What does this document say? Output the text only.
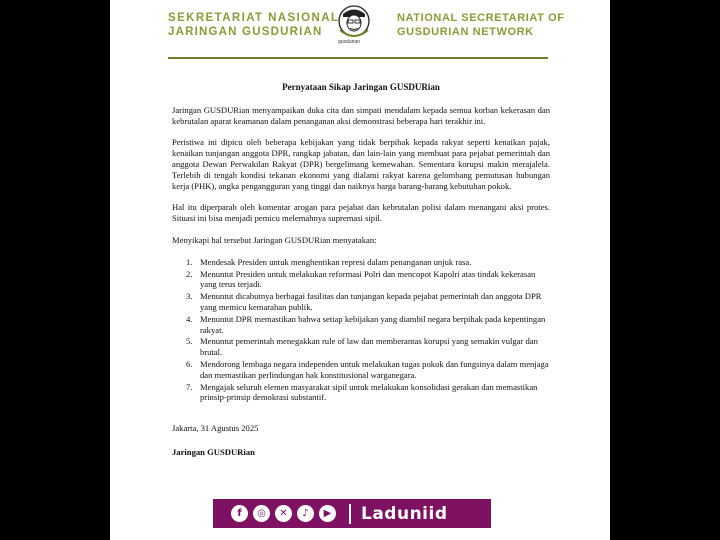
SEKRETARIAT NASIONAL
JARINGAN GUSDURIAN
gusdurian
NATIONAL SECRETARIAT OF
GUSDURIAN NETWORK
Pernyataan Sikap Jaringan GUSDURian

Jaringan GUSDURian menyampaikan duka cita dan simpati mendalam kepada semua korban kekerasan dan kebrutalan aparat keamanan dalam penanganan aksi demonstrasi beberapa hari terakhir ini.

Peristiwa ini dipicu oleh beberapa kebijakan yang tidak berpihak kepada rakyat seperti kenaikan pajak, kenaikan tunjangan anggota DPR, rangkap jabatan, dan lain-lain yang membuat para pejabat pemerintah dan anggota Dewan Perwakilan Rakyat (DPR) bergelimang kemewahan. Sementara korupsi makin merajalela. Terlebih di tengah kondisi tekanan ekonomi yang dialami rakyat karena gelombang pemutusan hubungan kerja (PHK), angka pengangguran yang tinggi dan naiknya harga barang-barang kebutuhan pokok.

Hal itu diperparah oleh komentar arogan para pejabat dan kebrutalan polisi dalam menangani aksi protes. Situasi ini bisa menjadi pemicu melemahnya supremasi sipil.

Menyikapi hal tersebut Jaringan GUSDURian menyatakan:

1. Mendesak Presiden untuk menghentikan represi dalam penanganan unjuk rasa.
2. Menuntut Presiden untuk melakukan reformasi Polri dan mencopot Kapolri atas tindak kekerasan yang terus terjadi.
3. Menuntut dicabutnya berbagai fasilitas dan tunjangan kepada pejabat pemerintah dan anggota DPR yang memicu kemarahan publik.
4. Menuntut DPR memastikan bahwa setiap kebijakan yang diambil negara berpihak pada kepentingan rakyat.
5. Menuntut pemerintah menegakkan rule of law dan memberantas korupsi yang semakin vulgar dan brutal.
6. Mendorong lembaga negara independen untuk melakukan tugas pokok dan fungsinya dalam menjaga dan memastikan perlindungan hak konstitusional warganegara.
7. Mengajak seluruh elemen masyarakat sipil untuk melakukan konsolidasi gerakan dan memastikan prinsip-prinsip demokrasi substantif.
Jakarta, 31 Agustus 2025
Jaringan GUSDURian
f	◎	✕	♪	▶ Laduniid
